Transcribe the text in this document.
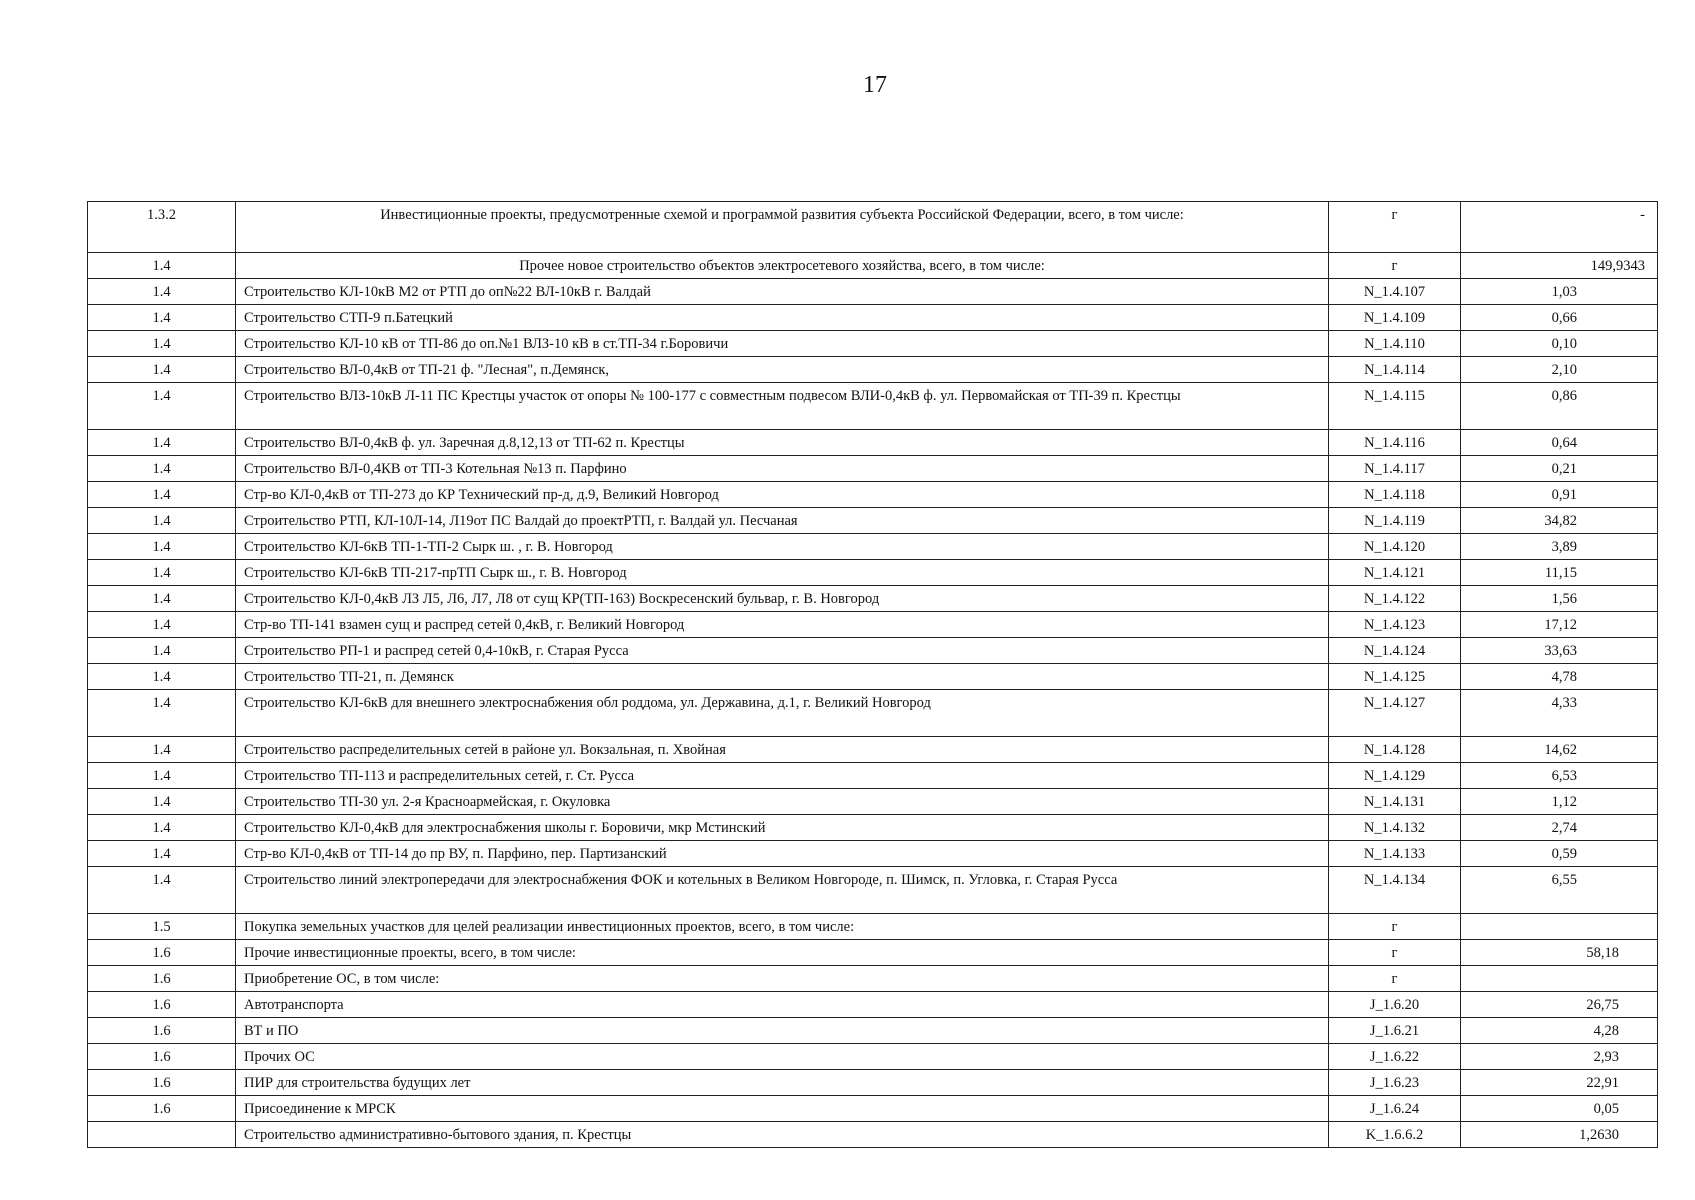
17
1.3.2	Инвестиционные проекты, предусмотренные схемой и программой развития субъекта Российской Федерации, всего, в том числе:	г	-
1.4	Прочее новое строительство объектов электросетевого хозяйства, всего, в том числе:	г	149,9343
1.4	Строительство КЛ-10кВ М2 от РТП до оп№22 ВЛ-10кВ г. Валдай	N_1.4.107	1,03
1.4	Строительство СТП-9 п.Батецкий	N_1.4.109	0,66
1.4	Строительство КЛ-10 кВ от ТП-86 до оп.№1 ВЛЗ-10 кВ в ст.ТП-34 г.Боровичи	N_1.4.110	0,10
1.4	Строительство ВЛ-0,4кВ от ТП-21 ф. "Лесная", п.Демянск,	N_1.4.114	2,10
1.4	Строительство ВЛЗ-10кВ Л-11 ПС Крестцы участок от опоры № 100-177 с совместным подвесом ВЛИ-0,4кВ ф. ул. Первомайская от ТП-39 п. Крестцы	N_1.4.115	0,86
1.4	Строительство ВЛ-0,4кВ ф. ул. Заречная д.8,12,13 от ТП-62 п. Крестцы	N_1.4.116	0,64
1.4	Строительство ВЛ-0,4КВ от ТП-3 Котельная №13 п. Парфино	N_1.4.117	0,21
1.4	Стр-во КЛ-0,4кВ от ТП-273 до КР Технический пр-д, д.9, Великий Новгород	N_1.4.118	0,91
1.4	Строительство РТП, КЛ-10Л-14, Л19от ПС Валдай до проектРТП, г. Валдай ул. Песчаная	N_1.4.119	34,82
1.4	Строительство КЛ-6кВ ТП-1-ТП-2 Сырк ш. , г. В. Новгород	N_1.4.120	3,89
1.4	Строительство КЛ-6кВ ТП-217-прТП Сырк ш., г. В. Новгород	N_1.4.121	11,15
1.4	Строительство КЛ-0,4кВ ЛЗ Л5, Л6, Л7, Л8 от сущ КР(ТП-163) Воскресенский бульвар, г. В. Новгород	N_1.4.122	1,56
1.4	Стр-во ТП-141 взамен сущ и распред сетей 0,4кВ, г. Великий Новгород	N_1.4.123	17,12
1.4	Строительство РП-1 и распред сетей 0,4-10кВ, г. Старая Русса	N_1.4.124	33,63
1.4	Строительство ТП-21, п. Демянск	N_1.4.125	4,78
1.4	Строительство КЛ-6кВ для внешнего электроснабжения обл роддома, ул. Державина, д.1, г. Великий Новгород	N_1.4.127	4,33
1.4	Строительство распределительных сетей в районе ул. Вокзальная, п. Хвойная	N_1.4.128	14,62
1.4	Строительство ТП-113 и распределительных сетей, г. Ст. Русса	N_1.4.129	6,53
1.4	Строительство ТП-30 ул. 2-я Красноармейская, г. Окуловка	N_1.4.131	1,12
1.4	Строительство КЛ-0,4кВ для электроснабжения школы г. Боровичи, мкр Мстинский	N_1.4.132	2,74
1.4	Стр-во КЛ-0,4кВ от ТП-14 до пр ВУ, п. Парфино, пер. Партизанский	N_1.4.133	0,59
1.4	Строительство линий электропередачи для электроснабжения ФОК и котельных в Великом Новгороде, п. Шимск, п. Угловка, г. Старая Русса	N_1.4.134	6,55
1.5	Покупка земельных участков для целей реализации инвестиционных проектов, всего, в том числе:	г	
1.6	Прочие инвестиционные проекты, всего, в том числе:	г	58,18
1.6	Приобретение ОС, в том числе:	г	
1.6	Автотранспорта	J_1.6.20	26,75
1.6	ВТ и ПО	J_1.6.21	4,28
1.6	Прочих ОС	J_1.6.22	2,93
1.6	ПИР для строительства будущих лет	J_1.6.23	22,91
1.6	Присоединение к МРСК	J_1.6.24	0,05
	Строительство административно-бытового здания, п. Крестцы	K_1.6.6.2	1,2630
